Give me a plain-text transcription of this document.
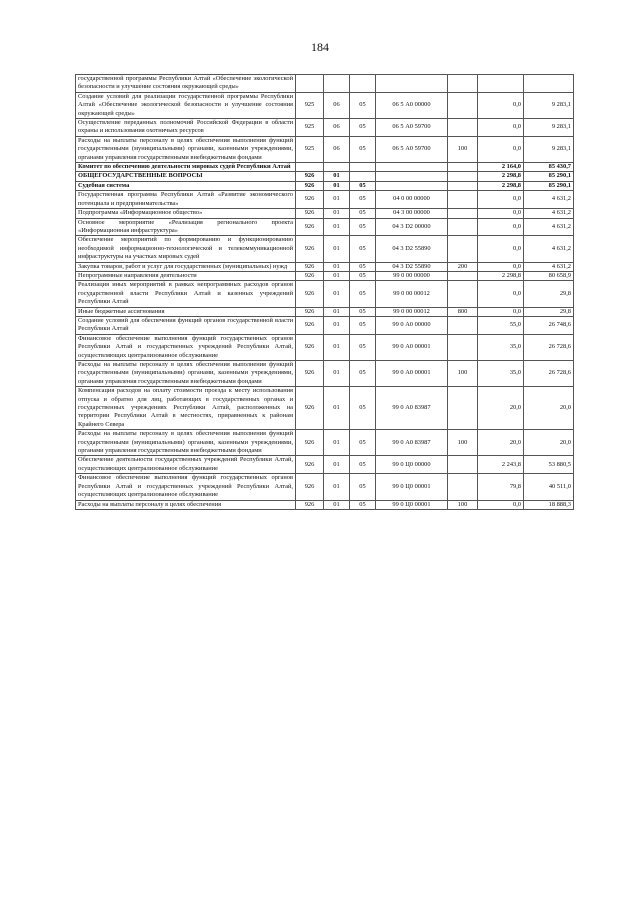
184
государственной программы Республики Алтай «Обеспечение экологической безопасности и улучшение состояния окружающей среды»							
Создание условий для реализации государственной программы Республики Алтай «Обеспечение экологической безопасности и улучшение состояния окружающей среды»	925	06	05	06 5 А0 00000		0,0	9 283,1
Осуществление переданных полномочий Российской Федерации в области охраны и использования охотничьих ресурсов	925	06	05	06 5 А0 59700		0,0	9 283,1
Расходы на выплаты персоналу в целях обеспечения выполнения функций государственными (муниципальными) органами, казенными учреждениями, органами управления государственными внебюджетными фондами	925	06	05	06 5 А0 59700	100	0,0	9 283,1
Комитет по обеспечению деятельности мировых судей Республики Алтай						2 164,0	85 430,7
ОБЩЕГОСУДАРСТВЕННЫЕ ВОПРОСЫ	926	01				2 298,8	85 290,1
Судебная система	926	01	05			2 298,8	85 290,1
Государственная программа Республики Алтай «Развитие экономического потенциала и предпринимательства»	926	01	05	04 0 00 00000		0,0	4 631,2
Подпрограмма «Информационное общество»	926	01	05	04 3 00 00000		0,0	4 631,2
Основное мероприятие «Реализация регионального проекта «Информационная инфраструктура»	926	01	05	04 3 D2 00000		0,0	4 631,2
Обеспечение мероприятий по формированию и функционированию необходимой информационно-технологической и телекоммуникационной инфраструктуры на участках мировых судей	926	01	05	04 3 D2 55890		0,0	4 631,2
Закупка товаров, работ и услуг для государственных (муниципальных) нужд	926	01	05	04 3 D2 55890	200	0,0	4 631,2
Непрограммные направления деятельности	926	01	05	99 0 00 00000		2 298,8	80 658,9
Реализация иных мероприятий в рамках непрограммных расходов органов государственной власти Республики Алтай и казенных учреждений Республики Алтай	926	01	05	99 0 00 00012		0,0	29,8
Иные бюджетные ассигнования	926	01	05	99 0 00 00012	800	0,0	29,8
Создание условий для обеспечения функций органов государственной власти Республики Алтай	926	01	05	99 0 А0 00000		55,0	26 748,6
Финансовое обеспечение выполнения функций государственных органов Республики Алтай и государственных учреждений Республики Алтай, осуществляющих централизованное обслуживание	926	01	05	99 0 А0 00001		35,0	26 728,6
Расходы на выплаты персоналу в целях обеспечения выполнения функций государственными (муниципальными) органами, казенными учреждениями, органами управления государственными внебюджетными фондами	926	01	05	99 0 А0 00001	100	35,0	26 728,6
Компенсация расходов на оплату стоимости проезда к месту использования отпуска и обратно для лиц, работающих в государственных органах и государственных учреждениях Республики Алтай, расположенных на территории Республики Алтай в местностях, приравненных к районам Крайнего Севера	926	01	05	99 0 А0 83987		20,0	20,0
Расходы на выплаты персоналу в целях обеспечения выполнения функций государственными (муниципальными) органами, казенными учреждениями, органами управления государственными внебюджетными фондами	926	01	05	99 0 А0 83987	100	20,0	20,0
Обеспечение деятельности государственных учреждений Республики Алтай, осуществляющих централизованное обслуживание	926	01	05	99 0 Ц0 00000		2 243,8	53 880,5
Финансовое обеспечение выполнения функций государственных органов Республики Алтай и государственных учреждений Республики Алтай, осуществляющих централизованное обслуживание	926	01	05	99 0 Ц0 00001		79,8	40 511,0
Расходы на выплаты персоналу в целях обеспечения	926	01	05	99 0 Ц0 00001	100	0,0	18 888,3
